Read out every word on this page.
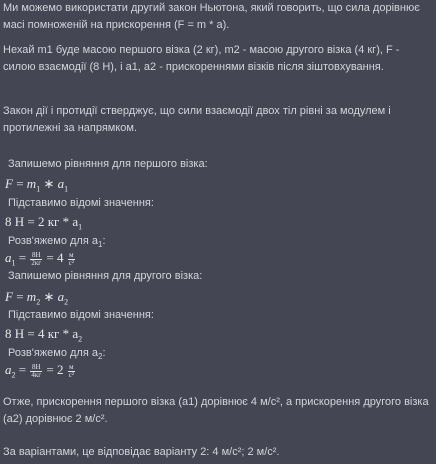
Ми можемо використати другий закон Ньютона, який говорить, що сила дорівнює масі помноженій на прискорення (F = m * a).
Нехай m1 буде масою першого візка (2 кг), m2 - масою другого візка (4 кг), F - силою взаємодії (8 Н), і a1, a2 - прискореннями візків після зіштовхування.
Закон дії і протидії стверджує, що сили взаємодії двох тіл рівні за модулем і протилежні за напрямком.
Запишемо рівняння для першого візка:
$F = m_1$ ∗ $a_1$
Підставимо відомі значення:
8 Н = 2 кг * $a_1$
Розв'яжемо для $a_1$:
$a_1 = \frac{8Н}{2кг} = 4 \frac{м}{\text{с²}}$
Запишемо рівняння для другого візка:
$F = m_2$ ∗ $a_2$
Підставимо відомі значення:
8 Н = 4 кг * $a_2$
Розв'яжемо для $a_2$:
$a_2 = \frac{8Н}{4кг} = 2 \frac{м}{\text{с²}}$
Отже, прискорення першого візка (a1) дорівнює 4 м/с², а прискорення другого візка (a2) дорівнює 2 м/с².
За варіантами, це відповідає варіанту 2: 4 м/с²; 2 м/с².
